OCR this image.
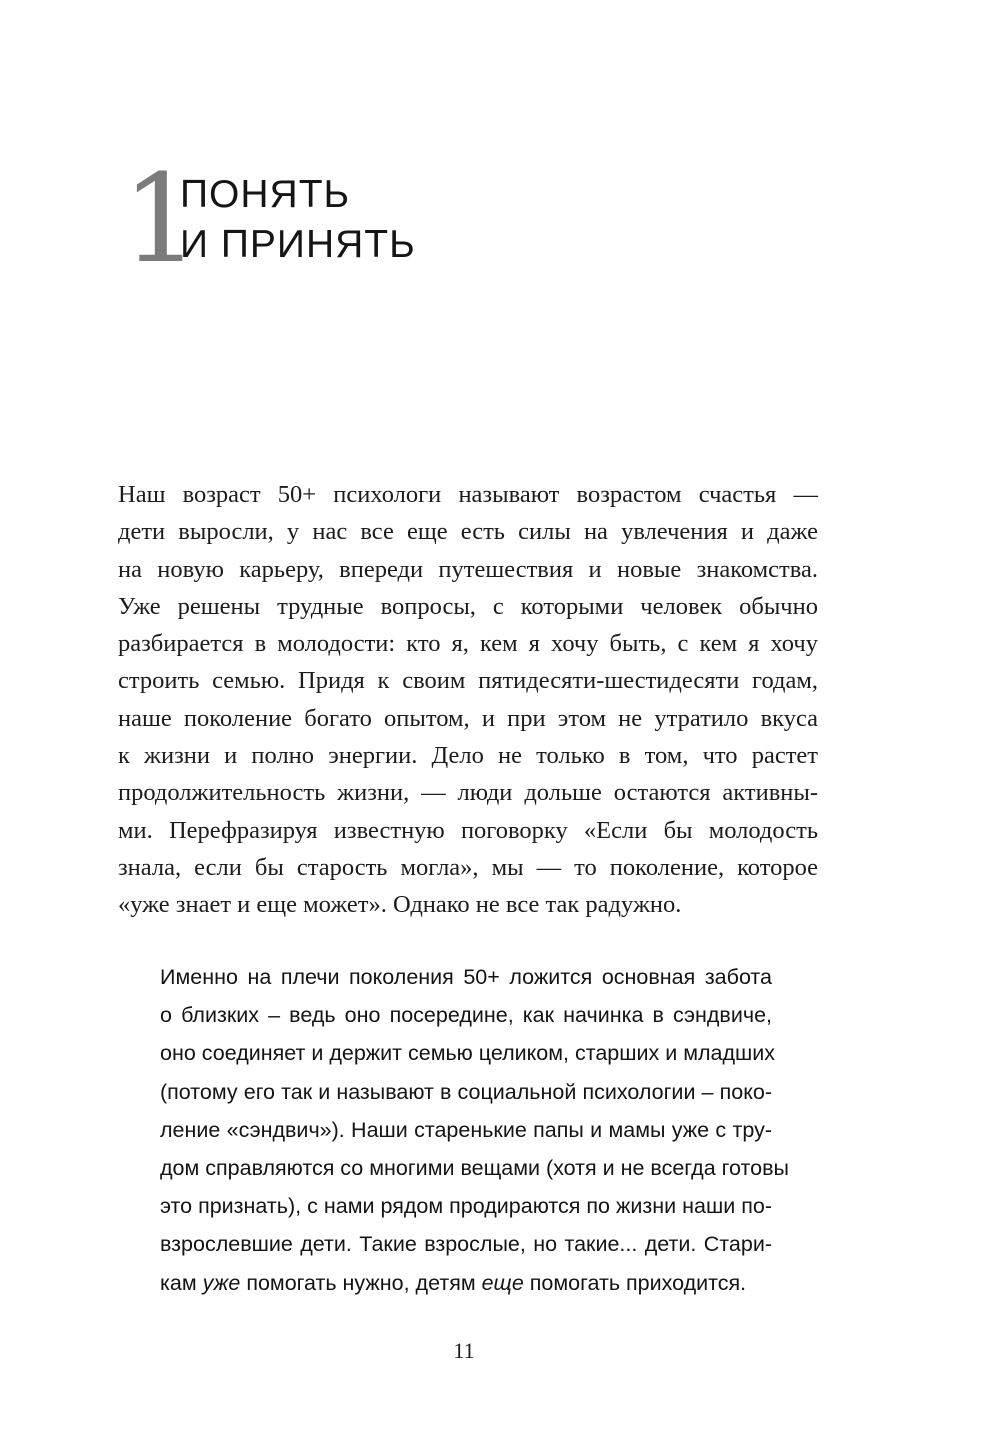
1
ПОНЯТЬ
И ПРИНЯТЬ
Наш возраст 50+ психологи называют возрастом счастья —
дети выросли, у нас все еще есть силы на увлечения и даже
на новую карьеру, впереди путешествия и новые знакомства.
Уже решены трудные вопросы, с которыми человек обычно
разбирается в молодости: кто я, кем я хочу быть, с кем я хочу
строить семью. Придя к своим пятидесяти-шестидесяти годам,
наше поколение богато опытом, и при этом не утратило вкуса
к жизни и полно энергии. Дело не только в том, что растет
продолжительность жизни, — люди дольше остаются активны-
ми. Перефразируя известную поговорку «Если бы молодость
знала, если бы старость могла», мы — то поколение, которое
«уже знает и еще может». Однако не все так радужно.
Именно на плечи поколения 50+ ложится основная забота
о близких – ведь оно посередине, как начинка в сэндвиче,
оно соединяет и держит семью целиком, старших и младших
(потому его так и называют в социальной психологии – поко-
ление «сэндвич»). Наши старенькие папы и мамы уже с тру-
дом справляются со многими вещами (хотя и не всегда готовы
это признать), с нами рядом продираются по жизни наши по-
взрослевшие дети. Такие взрослые, но такие... дети. Стари-
кам уже помогать нужно, детям еще помогать приходится.
11
